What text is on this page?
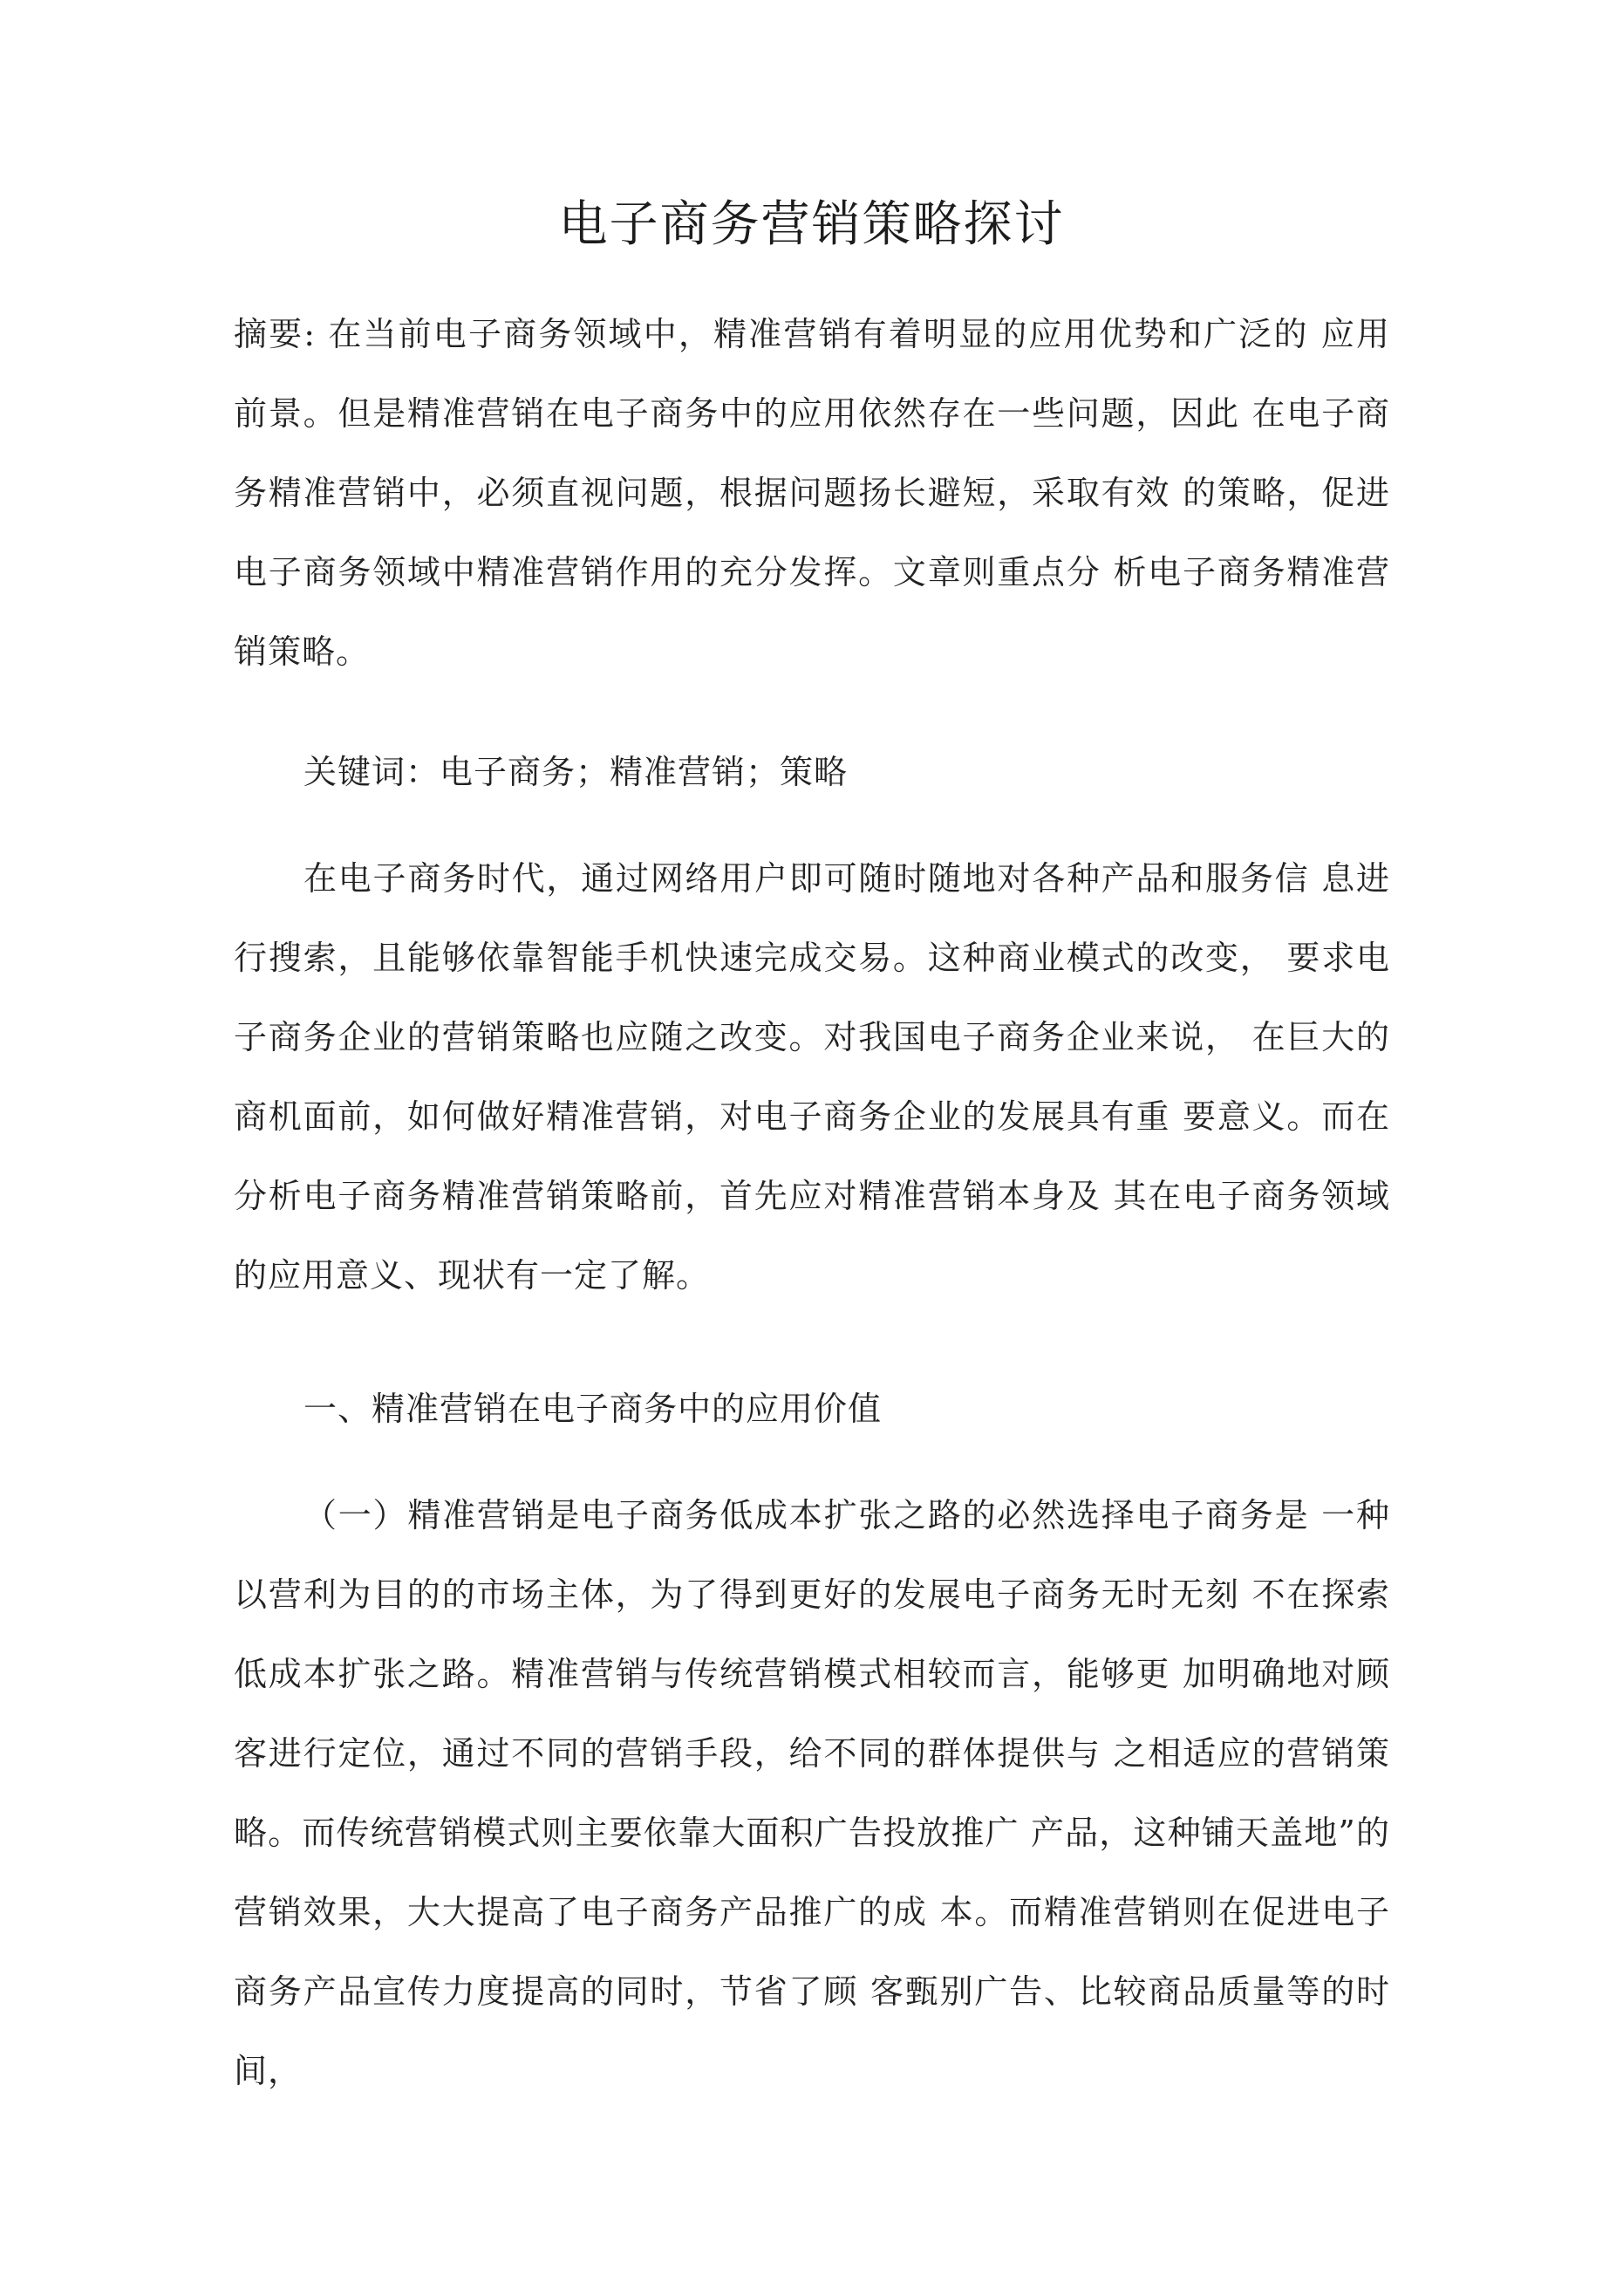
电子商务营销策略探讨

摘要: 在当前电子商务领域中，精准营销有着明显的应用优势和广泛的 应用前景。但是精准营销在电子商务中的应用依然存在一些问题，因此 在电子商务精准营销中，必须直视问题，根据问题扬长避短，采取有效 的策略，促进电子商务领域中精准营销作用的充分发挥。文章则重点分 析电子商务精准营销策略。

关键词：电子商务；精准营销；策略

在电子商务时代，通过网络用户即可随时随地对各种产品和服务信 息进行搜索，且能够依靠智能手机快速完成交易。这种商业模式的改变， 要求电子商务企业的营销策略也应随之改变。对我国电子商务企业来说， 在巨大的商机面前，如何做好精准营销，对电子商务企业的发展具有重 要意义。而在分析电子商务精准营销策略前，首先应对精准营销本身及 其在电子商务领域的应用意义、现状有一定了解。

一、精准营销在电子商务中的应用价值

（一）精准营销是电子商务低成本扩张之路的必然选择电子商务是 一种以营利为目的的市场主体，为了得到更好的发展电子商务无时无刻 不在探索低成本扩张之路。精准营销与传统营销模式相较而言，能够更 加明确地对顾客进行定位，通过不同的营销手段，给不同的群体提供与 之相适应的营销策略。而传统营销模式则主要依靠大面积广告投放推广 产品，这种铺天盖地”的营销效果，大大提高了电子商务产品推广的成 本。而精准营销则在促进电子商务产品宣传力度提高的同时，节省了顾 客甄别广告、比较商品质量等的时间，
